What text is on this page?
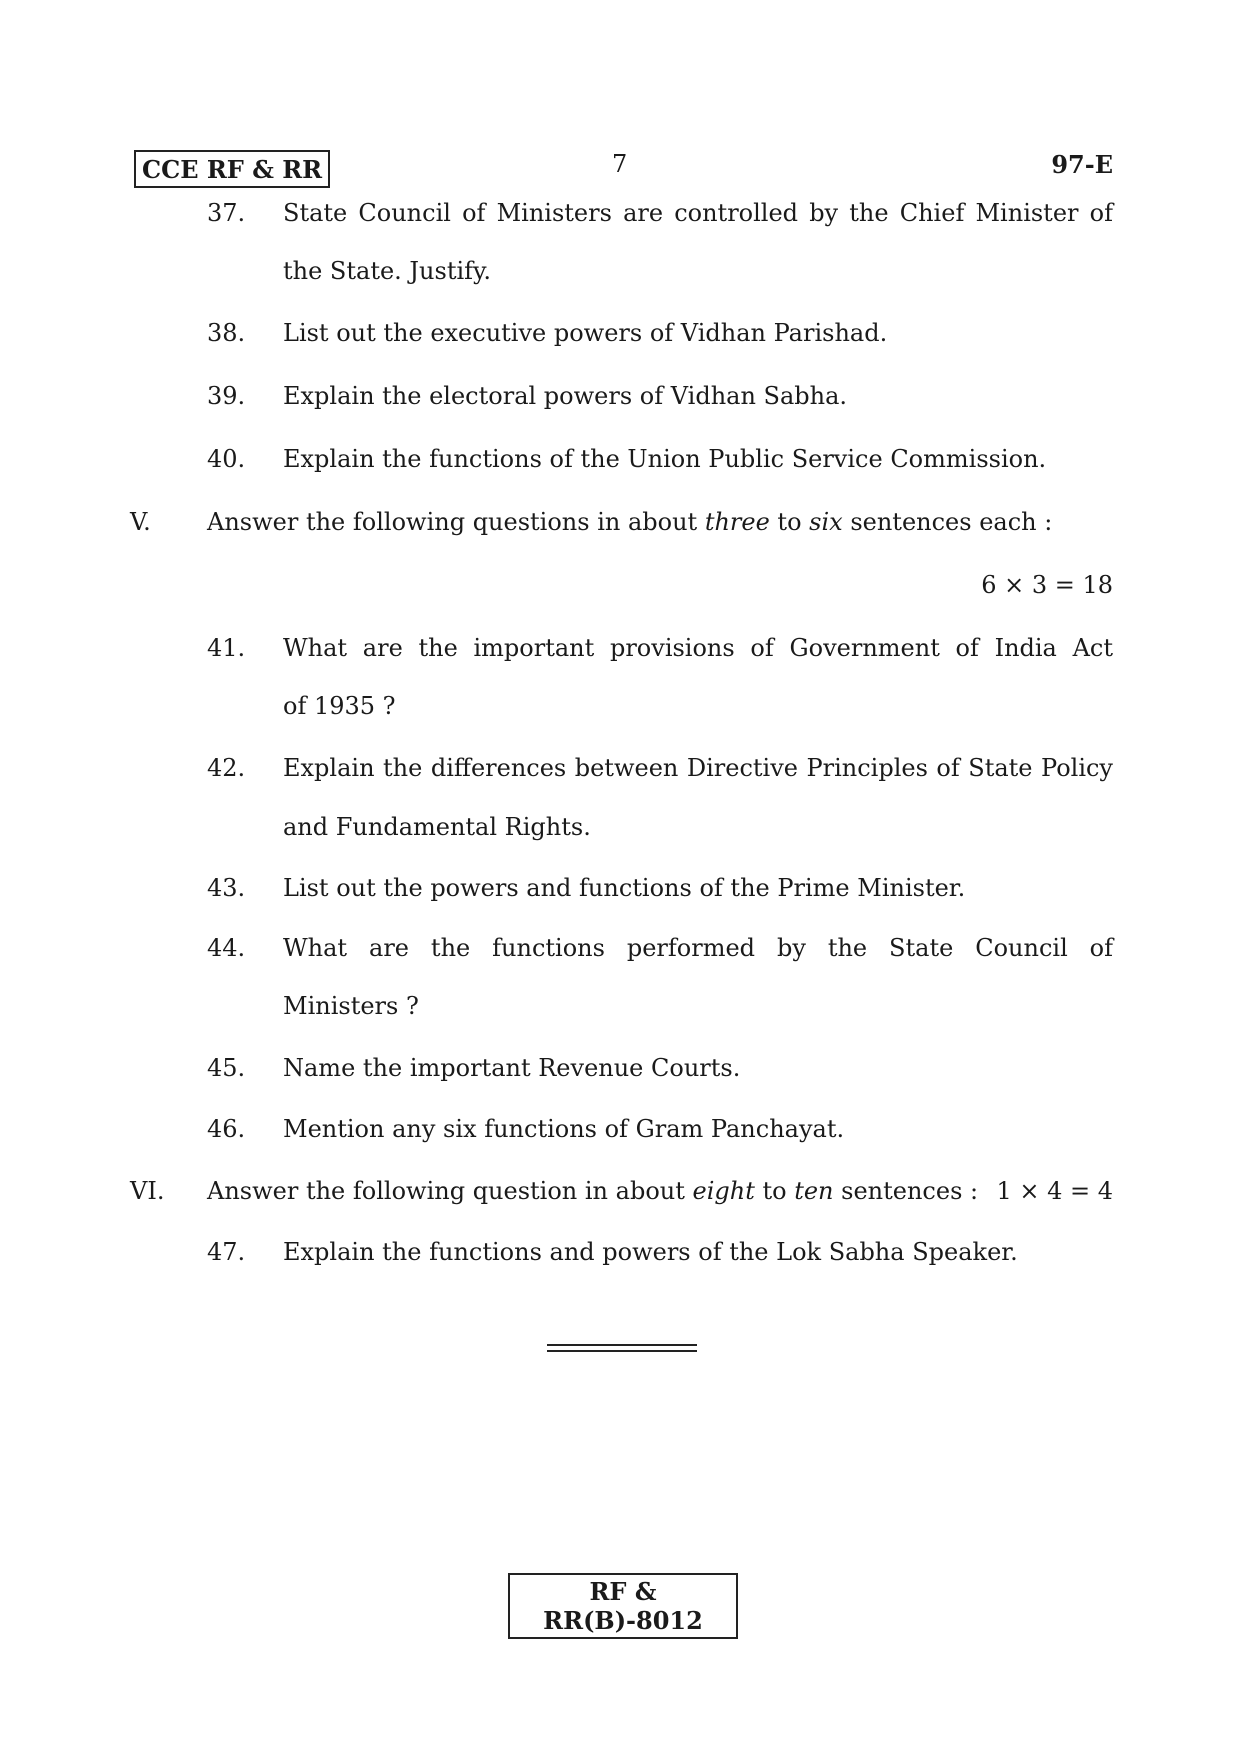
CCE RF & RR	7	97-E
37. State Council of Ministers are controlled by the Chief Minister of
the State. Justify.
38. List out the executive powers of Vidhan Parishad.
39. Explain the electoral powers of Vidhan Sabha.
40. Explain the functions of the Union Public Service Commission.
V. Answer the following questions in about three to six sentences each :
6 × 3 = 18
41. What are the important provisions of Government of India Act
of 1935 ?
42. Explain the differences between Directive Principles of State Policy
and Fundamental Rights.
43. List out the powers and functions of the Prime Minister.
44. What are the functions performed by the State Council of
Ministers ?
45. Name the important Revenue Courts.
46. Mention any six functions of Gram Panchayat.
VI. Answer the following question in about eight to ten sentences : 1 × 4 = 4
47. Explain the functions and powers of the Lok Sabha Speaker.
RF & RR(B)-8012
